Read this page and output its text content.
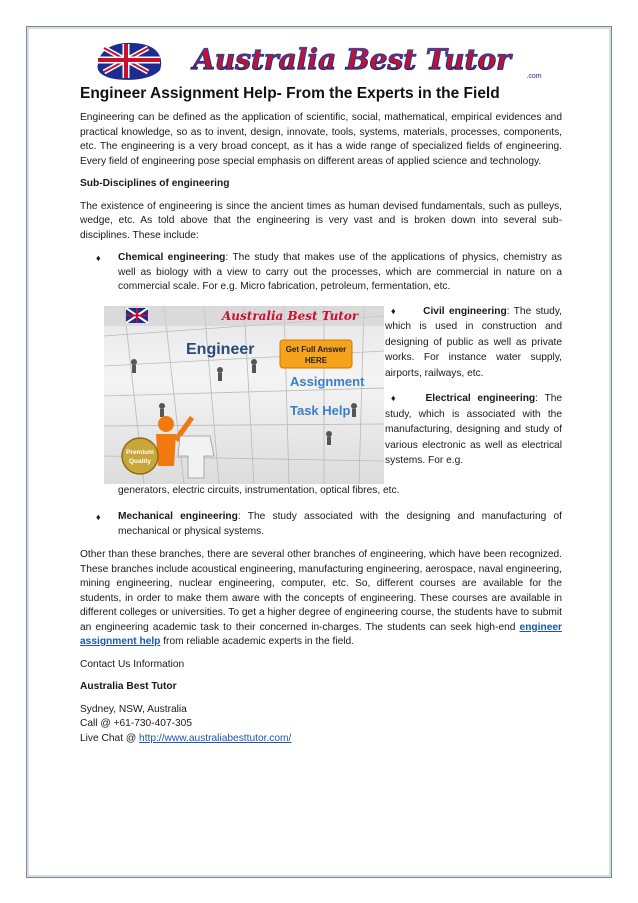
Australia Best Tutor
.com
Engineer Assignment Help- From the Experts in the Field

Engineering can be defined as the application of scientific, social, mathematical, empirical evidences and practical knowledge, so as to invent, design, innovate, tools, systems, materials, processes, components, etc. The engineering is a very broad concept, as it has a wide range of specialized fields of engineering. Every field of engineering pose special emphasis on different areas of applied science and technology.

Sub-Disciplines of engineering

The existence of engineering is since the ancient times as human devised fundamentals, such as pulleys, wedge, etc. As told above that the engineering is very vast and is broken down into several sub- disciplines. These include:

♦ Chemical engineering: The study that makes use of the applications of physics, chemistry as well as biology with a view to carry out the processes, which are commercial in nature on a commercial scale. For e.g. Micro fabrication, petroleum, fermentation, etc.
Australia Best Tutor
Engineer	Get Full Answer
HERE
Assignment
Task Help
Premium
Quality
♦	Civil engineering: The study, which is used in construction and designing of public as well as private works. For instance water supply, airports, railways, etc.
♦	Electrical engineering: The study, which is associated with the manufacturing, designing and study of various electronic as well as electrical systems. For e.g.
generators, electric circuits, instrumentation, optical fibres, etc.
♦ Mechanical engineering: The study associated with the designing and manufacturing of mechanical or physical systems.

Other than these branches, there are several other branches of engineering, which have been recognized. These branches include acoustical engineering, manufacturing engineering, aerospace, naval engineering, mining engineering, nuclear engineering, computer, etc. So, different courses are available for the students, in order to make them aware with the concepts of engineering. These courses are available in different colleges or universities. To get a higher degree of engineering course, the students have to submit an engineering academic task to their concerned in-charges. The students can seek high-end engineer assignment help from reliable academic experts in the field.

Contact Us Information

Australia Best Tutor

Sydney, NSW, Australia

Call @ +61-730-407-305

Live Chat @ http://www.australiabesttutor.com/
